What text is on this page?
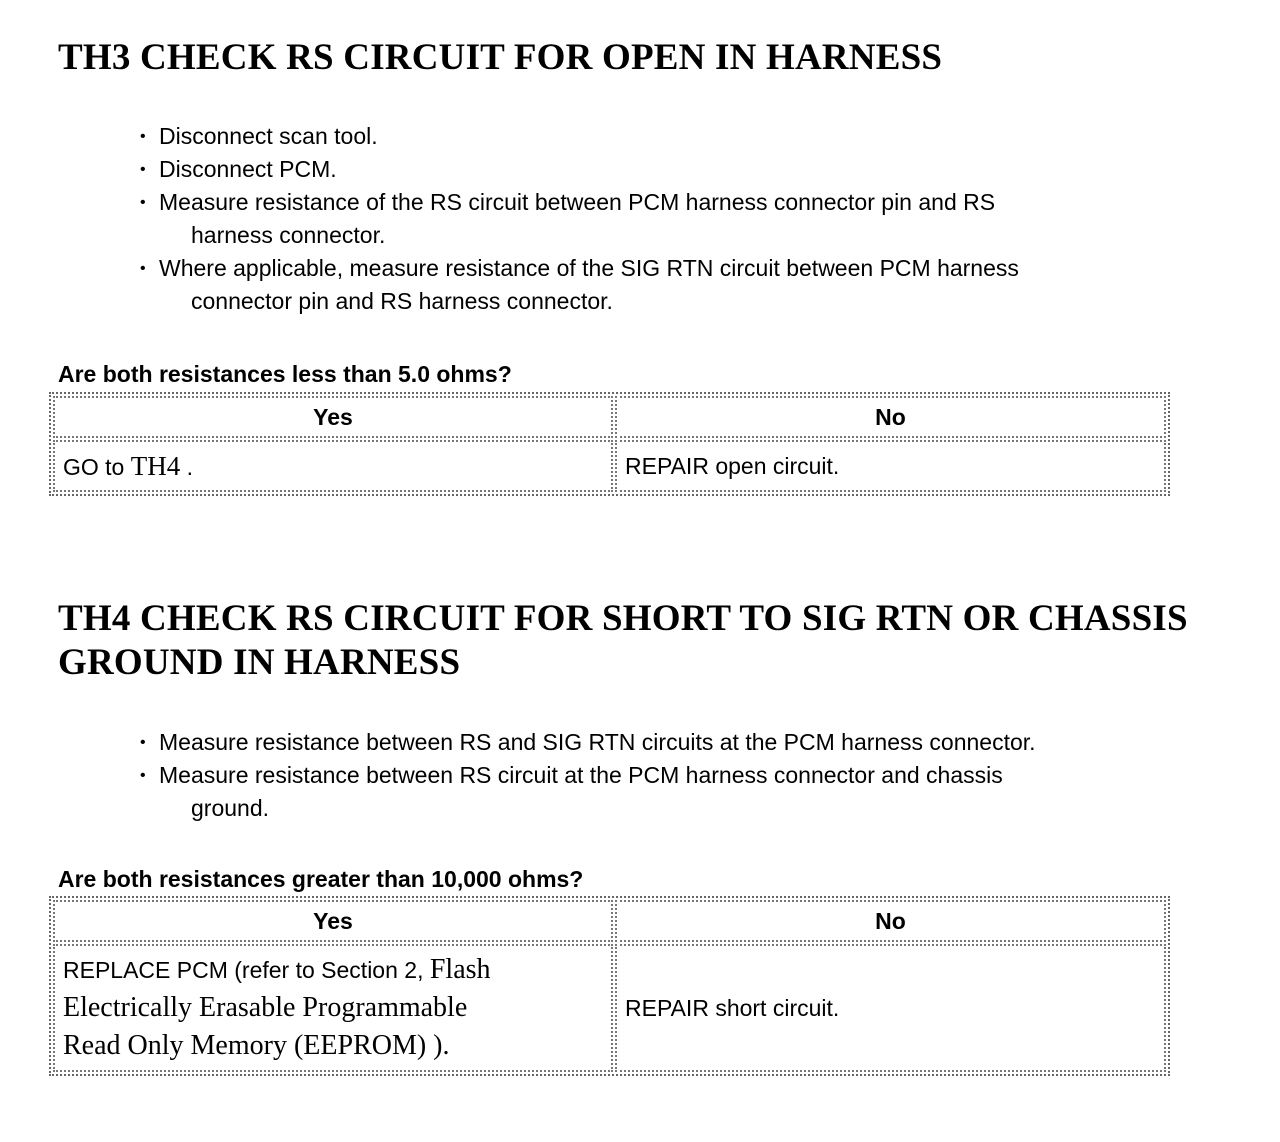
TH3 CHECK RS CIRCUIT FOR OPEN IN HARNESS
• Disconnect scan tool.
• Disconnect PCM.
• Measure resistance of the RS circuit between PCM harness connector pin and RS
harness connector.
• Where applicable, measure resistance of the SIG RTN circuit between PCM harness
connector pin and RS harness connector.

Are both resistances less than 5.0 ohms?

Yes	No
GO to TH4 .	REPAIR open circuit.
TH4 CHECK RS CIRCUIT FOR SHORT TO SIG RTN OR CHASSIS
GROUND IN HARNESS
• Measure resistance between RS and SIG RTN circuits at the PCM harness connector.
• Measure resistance between RS circuit at the PCM harness connector and chassis
ground.

Are both resistances greater than 10,000 ohms?

Yes	No
REPLACE PCM (refer to Section 2, Flash
Electrically Erasable Programmable
Read Only Memory (EEPROM) ).	REPAIR short circuit.
